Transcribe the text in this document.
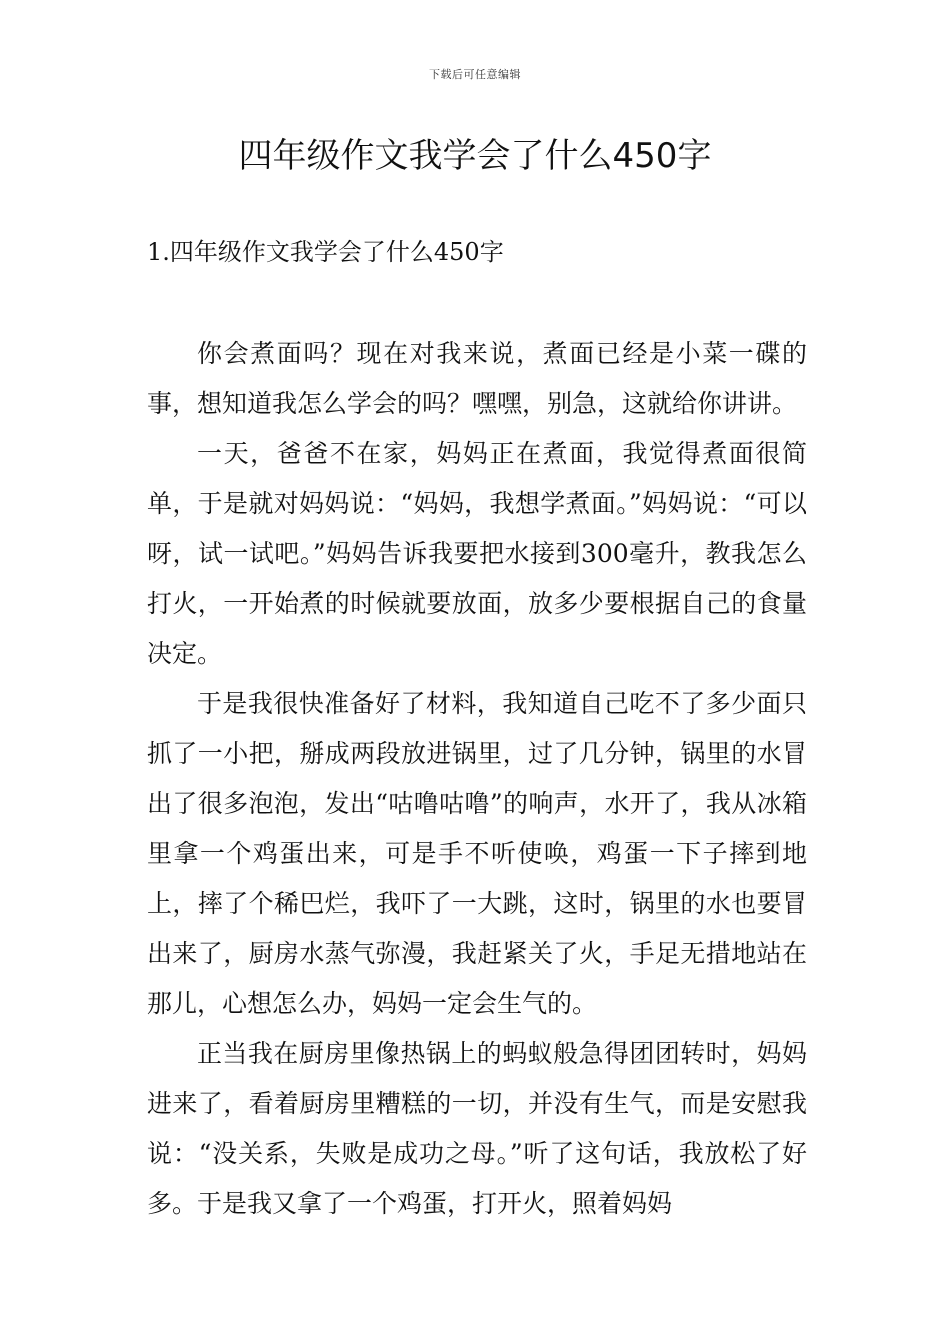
下载后可任意编辑
四年级作文我学会了什么450字
1.四年级作文我学会了什么450字

你会煮面吗？现在对我来说，煮面已经是小菜一碟的事，想知道我怎么学会的吗？嘿嘿，别急，这就给你讲讲。

一天，爸爸不在家，妈妈正在煮面，我觉得煮面很简单，于是就对妈妈说：“妈妈，我想学煮面。”妈妈说：“可以呀，试一试吧。”妈妈告诉我要把水接到300毫升，教我怎么打火，一开始煮的时候就要放面，放多少要根据自己的食量决定。

于是我很快准备好了材料，我知道自己吃不了多少面只抓了一小把，掰成两段放进锅里，过了几分钟，锅里的水冒出了很多泡泡，发出“咕噜咕噜”的响声，水开了，我从冰箱里拿一个鸡蛋出来，可是手不听使唤，鸡蛋一下子摔到地上，摔了个稀巴烂，我吓了一大跳，这时，锅里的水也要冒出来了，厨房水蒸气弥漫，我赶紧关了火，手足无措地站在那儿，心想怎么办，妈妈一定会生气的。

正当我在厨房里像热锅上的蚂蚁般急得团团转时，妈妈进来了，看着厨房里糟糕的一切，并没有生气，而是安慰我说：“没关系，失败是成功之母。”听了这句话，我放松了好多。于是我又拿了一个鸡蛋，打开火，照着妈妈
